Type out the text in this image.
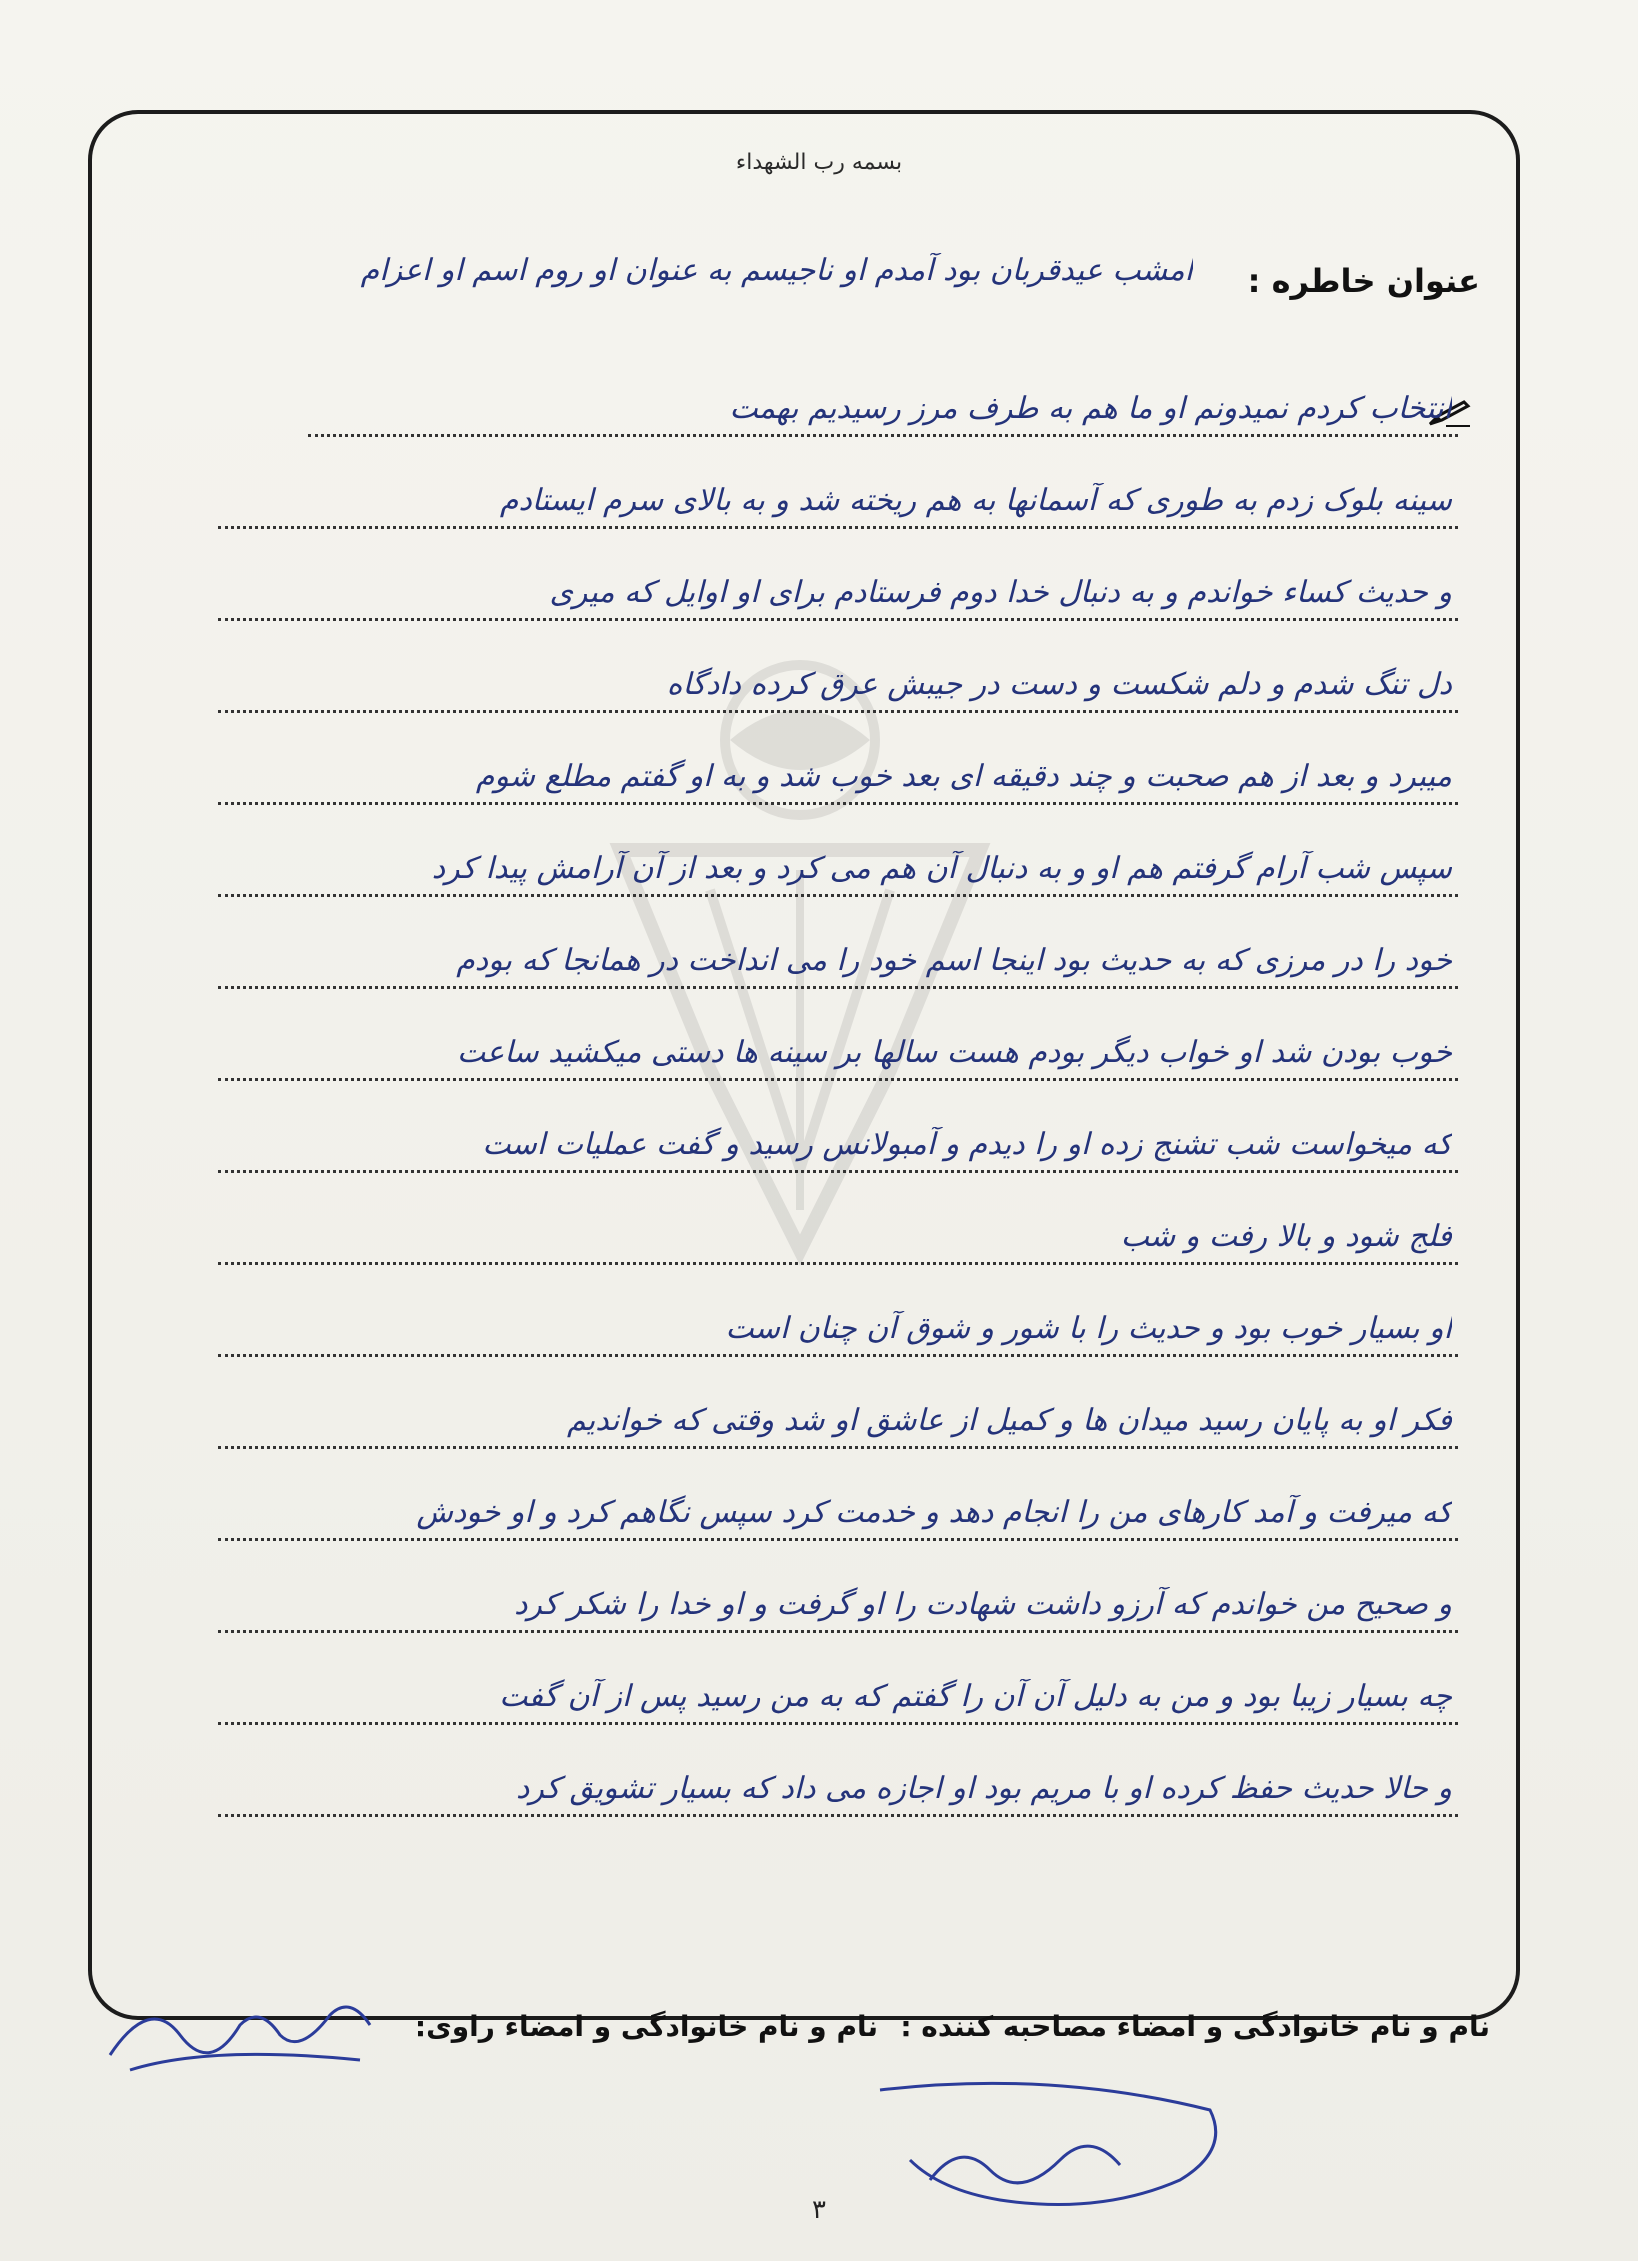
بسمه رب الشهداء
عنوان خاطره :
امشب عیدقربان بود آمدم او ناجیسم به عنوان او روم اسم او اعزام
انتخاب کردم نمیدونم او ما هم به طرف مرز رسیدیم بهمت
سینه بلوک زدم به طوری که آسمانها به هم ریخته شد و به بالای سرم ایستادم
و حدیث کساء خواندم و به دنبال خدا دوم فرستادم برای او اوایل که میری
دل تنگ شدم و دلم شکست و دست در جیبش عرق کرده دادگاه
میبرد و بعد از هم صحبت و چند دقیقه ای بعد خوب شد و به او گفتم مطلع شوم
سپس شب آرام گرفتم هم او و به دنبال آن هم می کرد و بعد از آن آرامش پیدا کرد
خود را در مرزی که به حدیث بود اینجا اسم خود را می انداخت در همانجا که بودم
خوب بودن شد او خواب دیگر بودم هست سالها بر سینه ها دستی میکشید ساعت
که میخواست شب تشنج زده او را دیدم و آمبولانس رسید و گفت عملیات است
فلج شود و بالا رفت و شب
او بسیار خوب بود و حدیث را با شور و شوق آن چنان است
فکر او به پایان رسید میدان ها و کمیل از عاشق او شد وقتی که خواندیم
که میرفت و آمد کارهای من را انجام دهد و خدمت کرد سپس نگاهم کرد و او خودش
و صحیح من خواندم که آرزو داشت شهادت را او گرفت و او خدا را شکر کرد
چه بسیار زیبا بود و من به دلیل آن آن را گفتم که به من رسید پس از آن گفت
و حالا حدیث حفظ کرده او با مریم بود او اجازه می داد که بسیار تشویق کرد
نام و نام خانوادگی و امضاء مصاحبه کننده :
نام و نام خانوادگی و امضاء راوی:
۳
